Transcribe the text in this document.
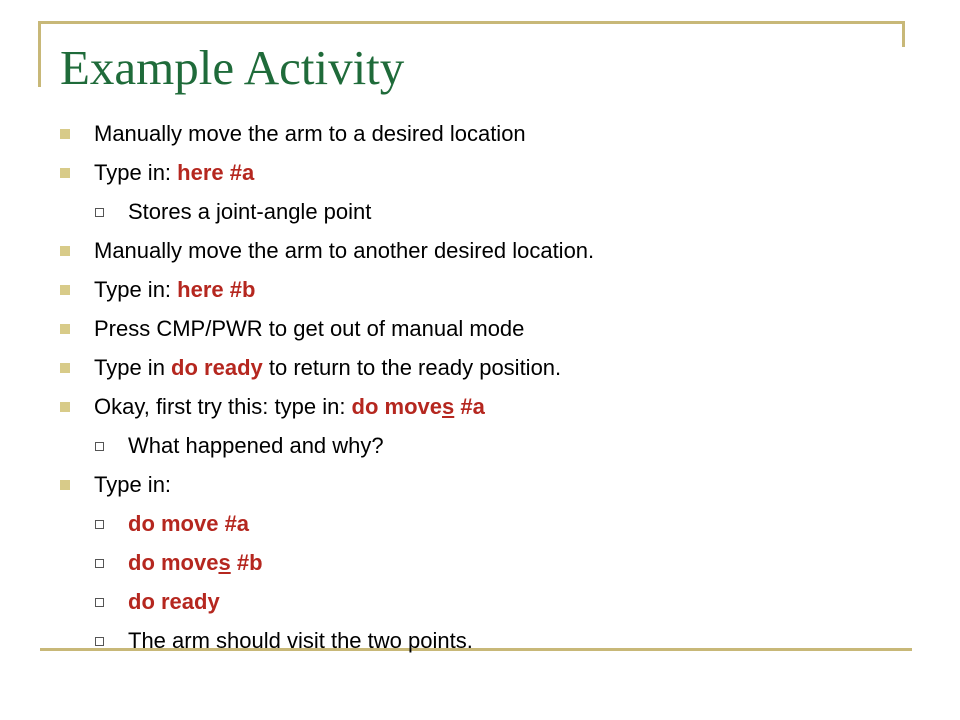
Example Activity
Manually move the arm to a desired location
Type in: here #a
Stores a joint-angle point
Manually move the arm to another desired location.
Type in: here #b
Press CMP/PWR to get out of manual mode
Type in do ready to return to the ready position.
Okay, first try this: type in: do moves #a
What happened and why?
Type in:
do move #a
do moves #b
do ready
The arm should visit the two points.
